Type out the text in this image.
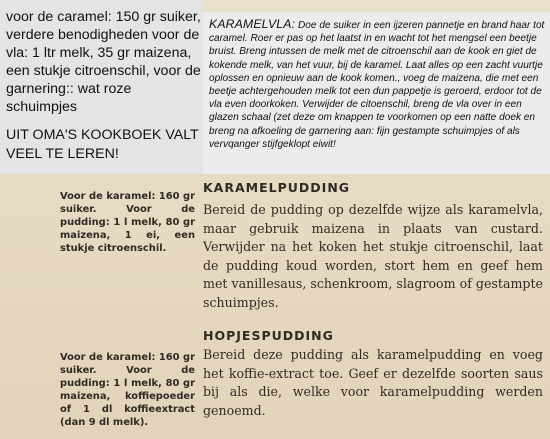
voor de caramel: 150 gr suiker, verdere benodigheden voor de vla: 1 ltr melk, 35 gr maizena, een stukje citroenschil, voor de garnering:: wat roze schuimpjes

UIT OMA'S KOOKBOEK VALT VEEL TE LEREN!

KARAMELVLA: Doe de suiker in een ijzeren pannetje en brand haar tot caramel. Roer er pas op het laatst in en wacht tot het mengsel een beetje bruist. Breng intussen de melk met de citroenschil aan de kook en giet de kokende melk, van het vuur, bij de karamel. Laat alles op een zacht vuurtje oplossen en opnieuw aan de kook komen., voeg de maizena, die met een beetje achtergehouden melk tot een dun pappetje is geroerd, erdoor tot de vla even doorkoken. Verwijder de citoenschil, breng de vla over in een glazen schaal (zet deze om knappen te voorkomen op een natte doek en breng na afkoeling de garnering aan: fijn gestampte schuimpjes of als vervqanger stijfgeklopt eiwit!
KARAMELPUDDING
Voor de karamel: 160 gr suiker. Voor de pudding: 1 l melk, 80 gr maizena, 1 ei, een stukje citroenschil.
Bereid de pudding op dezelfde wijze als karamelvla, maar gebruik maizena in plaats van custard. Verwijder na het koken het stukje citroenschil, laat de pudding koud worden, stort hem en geef hem met vanillesaus, schenkroom, slagroom of gestampte schuimpjes.
HOPJESPUDDING
Voor de karamel: 160 gr suiker. Voor de pudding: 1 l melk, 80 gr maizena, koffiepoeder of 1 dl koffieextract (dan 9 dl melk).
Bereid deze pudding als karamelpudding en voeg het koffie-extract toe. Geef er dezelfde soorten saus bij als die, welke voor karamelpudding werden genoemd.
